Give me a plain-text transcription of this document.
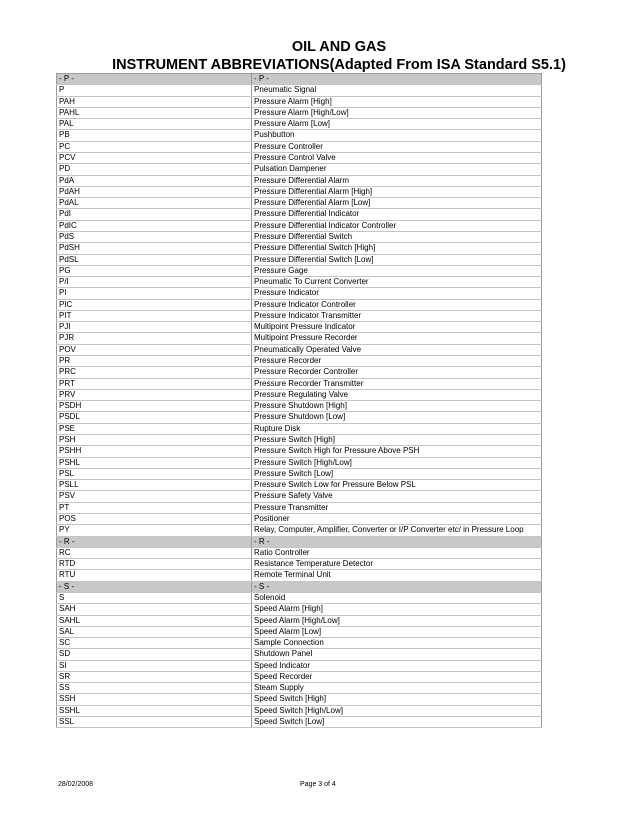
OIL AND GAS

INSTRUMENT ABBREVIATIONS(Adapted From ISA Standard S5.1)

- P -	- P -
P	Pneumatic Signal
PAH	Pressure Alarm [High]
PAHL	Pressure Alarm [High/Low]
PAL	Pressure Alarm [Low]
PB	Pushbutton
PC	Pressure Controller
PCV	Pressure Control Valve
PD	Pulsation Dampener
PdA	Pressure Differential Alarm
PdAH	Pressure Differential Alarm [High]
PdAL	Pressure Differential Alarm [Low]
PdI	Pressure Differential Indicator
PdIC	Pressure Differential Indicator Controller
PdS	Pressure Differential Switch
PdSH	Pressure Differential Switch [High]
PdSL	Pressure Differential Switch [Low]
PG	Pressure Gage
P/I	Pneumatic To Current Converter
PI	Pressure Indicator
PIC	Pressure Indicator Controller
PIT	Pressure Indicator Transmitter
PJI	Multipoint Pressure Indicator
PJR	Multipoint Pressure Recorder
POV	Pneumatically Operated Valve
PR	Pressure Recorder
PRC	Pressure Recorder Controller
PRT	Pressure Recorder Transmitter
PRV	Pressure Regulating Valve
PSDH	Pressure Shutdown [High]
PSDL	Pressure Shutdown [Low]
PSE	Rupture Disk
PSH	Pressure Switch [High]
PSHH	Pressure Switch High for Pressure Above PSH
PSHL	Pressure Switch [High/Low]
PSL	Pressure Switch [Low]
PSLL	Pressure Switch Low for Pressure Below PSL
PSV	Pressure Safety Valve
PT	Pressure Transmitter
POS	Positioner
PY	Relay, Computer, Amplifier, Converter or I/P Converter etc/ in Pressure Loop
- R -	- R -
RC	Ratio Controller
RTD	Resistance Temperature Detector
RTU	Remote Terminal Unit
- S -	- S -
S	Solenoid
SAH	Speed Alarm [High]
SAHL	Speed Alarm [High/Low]
SAL	Speed Alarm [Low]
SC	Sample Connection
SD	Shutdown Panel
SI	Speed Indicator
SR	Speed Recorder
SS	Steam Supply
SSH	Speed Switch [High]
SSHL	Speed Switch [High/Low]
SSL	Speed Switch [Low]
28/02/2008	Page 3 of 4
